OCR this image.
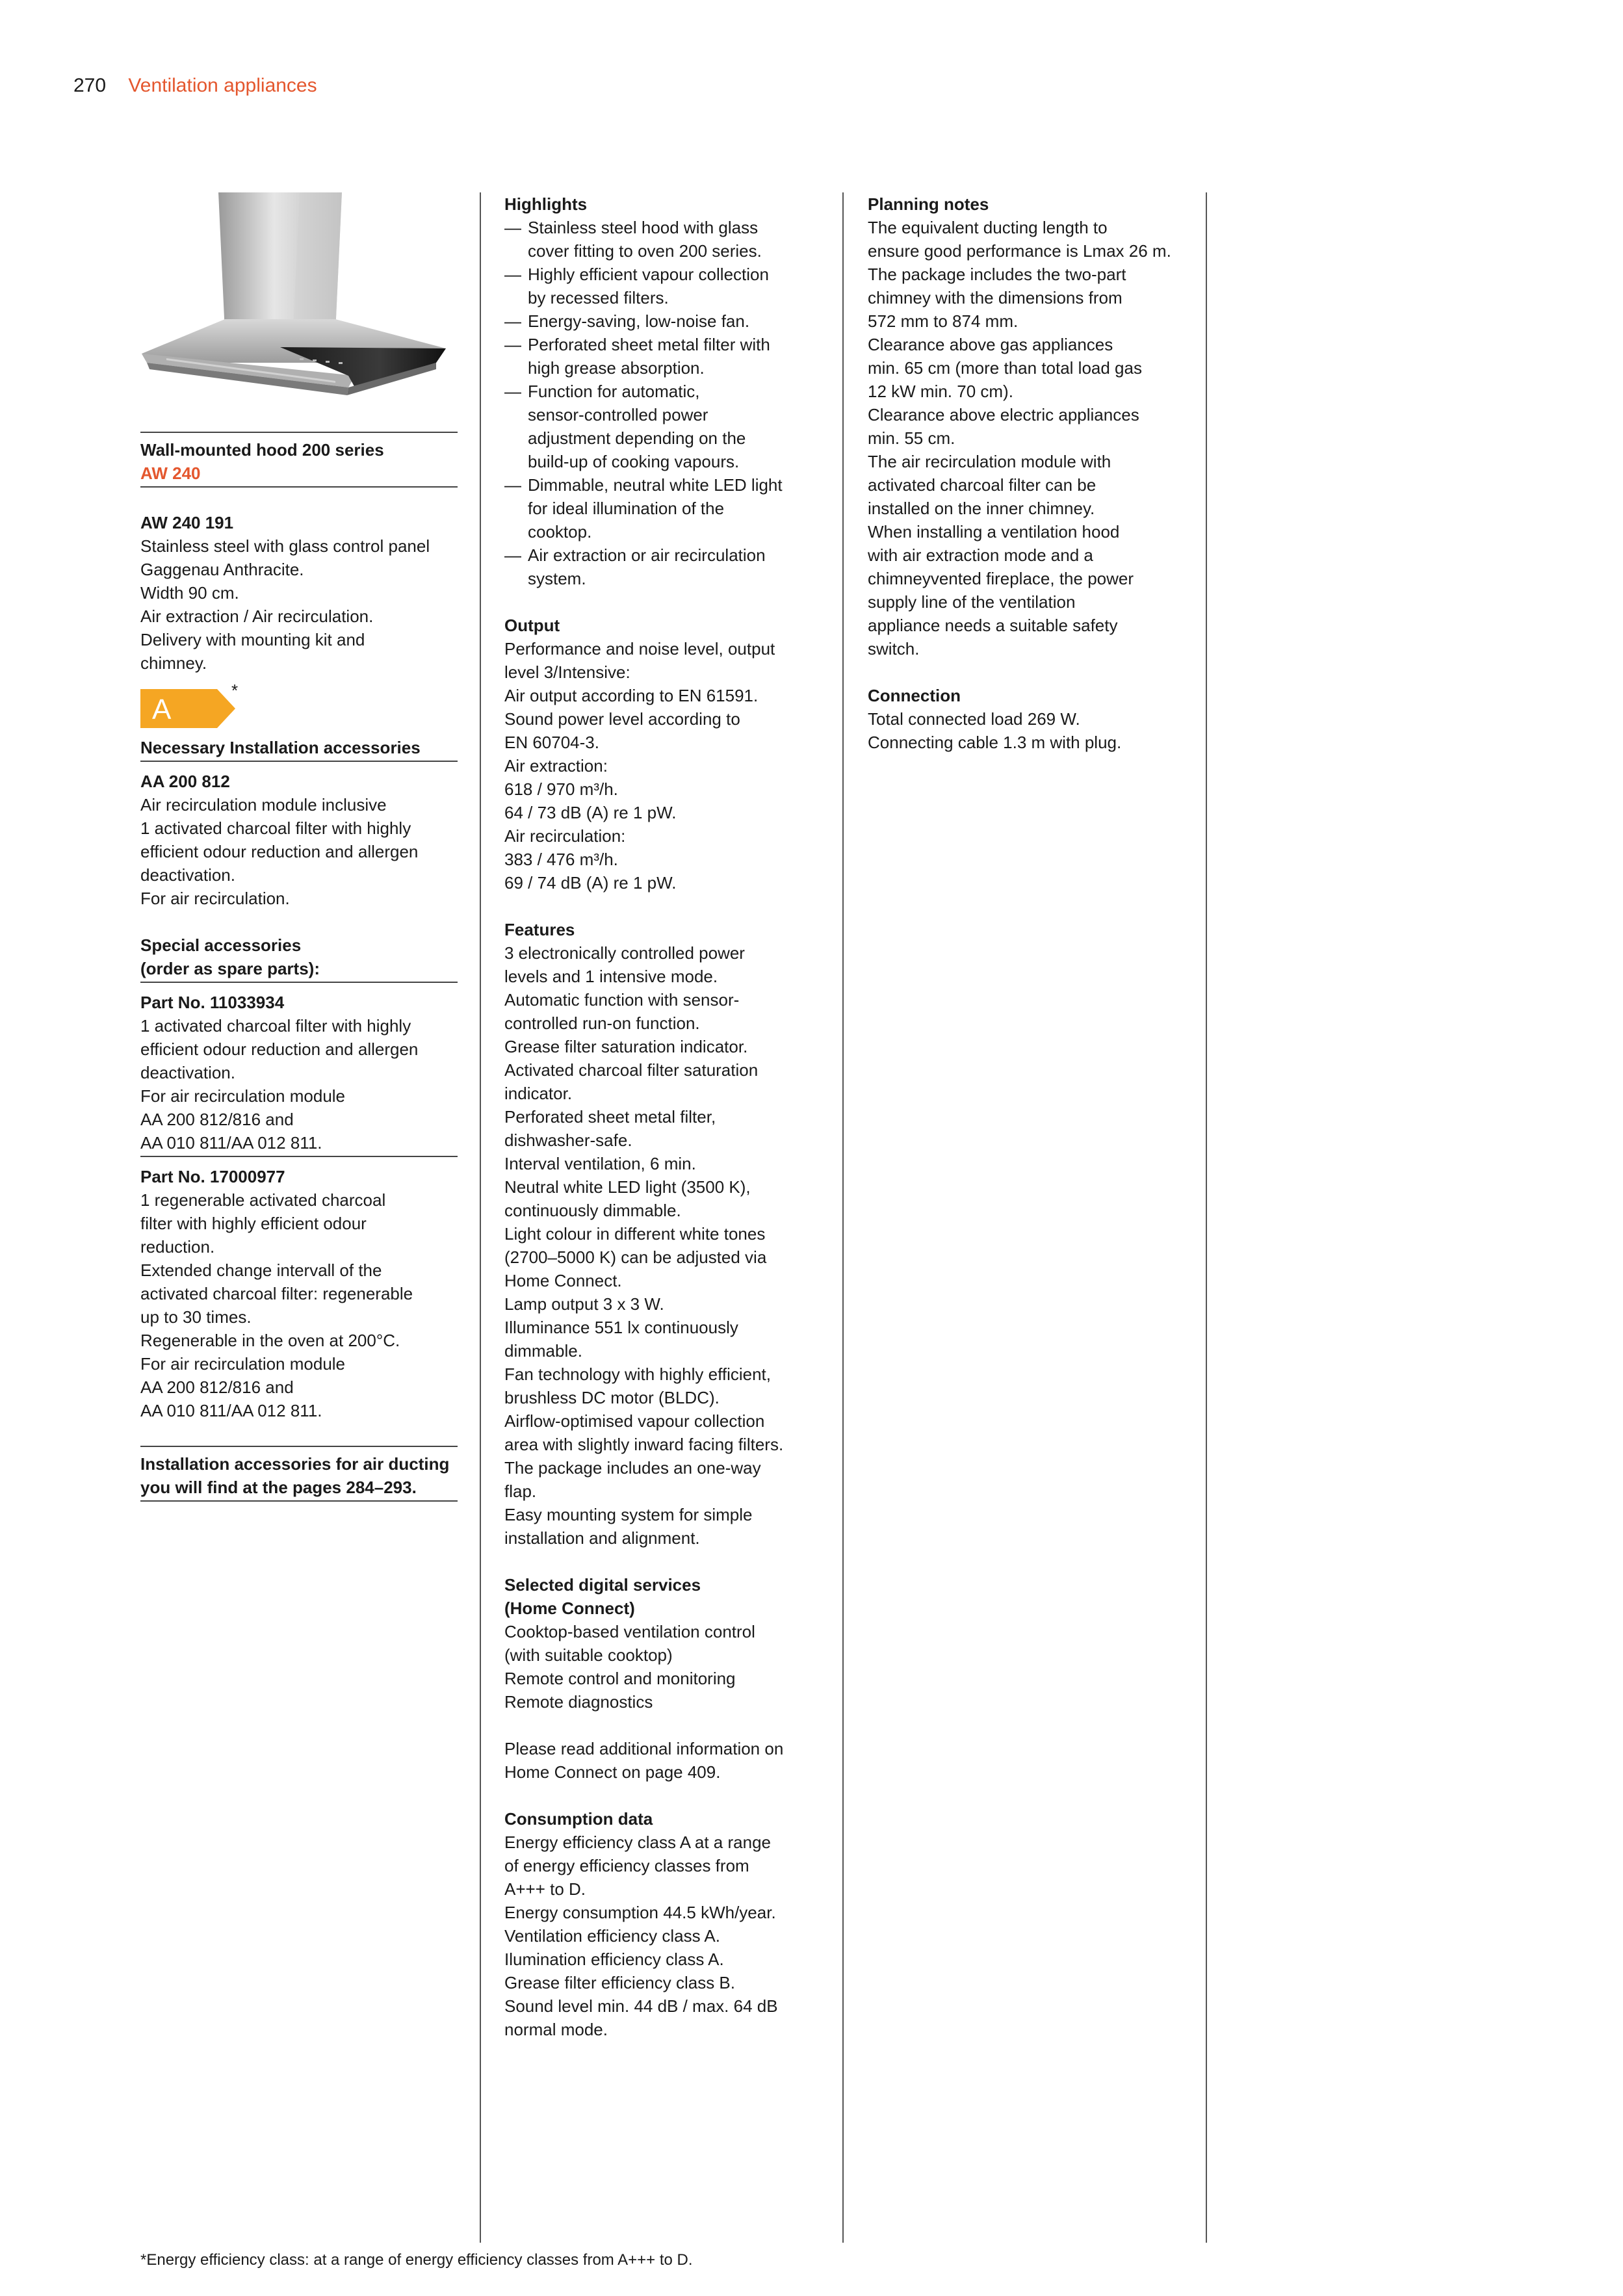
270 Ventilation appliances

Wall-mounted hood 200 series

AW 240

AW 240 191

Stainless steel with glass control panel

Gaggenau Anthracite.

Width 90 cm.

Air extraction / Air recirculation.

Delivery with mounting kit and

chimney.

A
*

Necessary Installation accessories

AA 200 812

Air recirculation module inclusive

1 activated charcoal filter with highly

efficient odour reduction and allergen

deactivation.

For air recirculation.

Special accessories

(order as spare parts):

Part No. 11033934

1 activated charcoal filter with highly

efficient odour reduction and allergen

deactivation.

For air recirculation module

AA 200 812/816 and

AA 010 811/AA 012 811.

Part No. 17000977

1 regenerable activated charcoal

filter with highly efficient odour

reduction.

Extended change intervall of the

activated charcoal filter: regenerable

up to 30 times.

Regenerable in the oven at 200°C.

For air recirculation module

AA 200 812/816 and

AA 010 811/AA 012 811.

Installation accessories for air ducting

you will find at the pages 284–293.

Highlights

— Stainless steel hood with glass

cover fitting to oven 200 series.

— Highly efficient vapour collection

by recessed filters.

— Energy-saving, low-noise fan.

— Perforated sheet metal filter with

high grease absorption.

— Function for automatic,

sensor-controlled power

adjustment depending on the

build-up of cooking vapours.

— Dimmable, neutral white LED light

for ideal illumination of the

cooktop.

— Air extraction or air recirculation

system.

Output

Performance and noise level, output

level 3/Intensive:

Air output according to EN 61591.

Sound power level according to

EN 60704-3.

Air extraction:

618 / 970 m³/h.

64 / 73 dB (A) re 1 pW.

Air recirculation:

383 / 476 m³/h.

69 / 74 dB (A) re 1 pW.

Features

3 electronically controlled power

levels and 1 intensive mode.

Automatic function with sensor-

controlled run-on function.

Grease filter saturation indicator.

Activated charcoal filter saturation

indicator.

Perforated sheet metal filter,

dishwasher-safe.

Interval ventilation, 6 min.

Neutral white LED light (3500 K),

continuously dimmable.

Light colour in different white tones

(2700–5000 K) can be adjusted via

Home Connect.

Lamp output 3 x 3 W.

Illuminance 551 lx continuously

dimmable.

Fan technology with highly efficient,

brushless DC motor (BLDC).

Airflow-optimised vapour collection

area with slightly inward facing filters.

The package includes an one-way

flap.

Easy mounting system for simple

installation and alignment.

Selected digital services

(Home Connect)

Cooktop-based ventilation control

(with suitable cooktop)

Remote control and monitoring

Remote diagnostics

Please read additional information on

Home Connect on page 409.

Consumption data

Energy efficiency class A at a range

of energy efficiency classes from

A+++ to D.

Energy consumption 44.5 kWh/year.

Ventilation efficiency class A.

Ilumination efficiency class A.

Grease filter efficiency class B.

Sound level min. 44 dB / max. 64 dB

normal mode.

Planning notes

The equivalent ducting length to

ensure good performance is Lmax 26 m.

The package includes the two-part

chimney with the dimensions from

572 mm to 874 mm.

Clearance above gas appliances

min. 65 cm (more than total load gas

12 kW min. 70 cm).

Clearance above electric appliances

min. 55 cm.

The air recirculation module with

activated charcoal filter can be

installed on the inner chimney.

When installing a ventilation hood

with air extraction mode and a

chimneyvented fireplace, the power

supply line of the ventilation

appliance needs a suitable safety

switch.

Connection

Total connected load 269 W.

Connecting cable 1.3 m with plug.

*Energy efficiency class: at a range of energy efficiency classes from A+++ to D.
